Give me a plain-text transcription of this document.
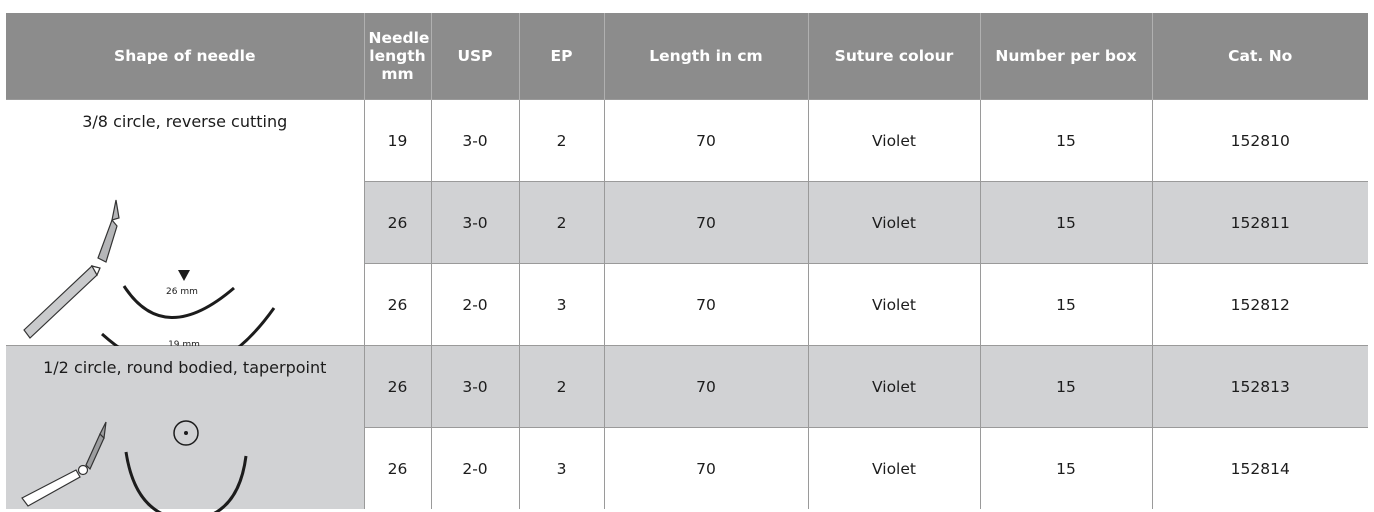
Shape of needle	Needle
length
mm	USP	EP	Length in cm	Suture colour	Number per box	Cat. No

3/8 circle, reverse cutting	19	3-0	2	70	Violet	15	152810
	26	3-0	2	70	Violet	15	152811
	26	2-0	3	70	Violet	15	152812

1/2 circle, round bodied, taperpoint	26	3-0	2	70	Violet	15	152813
	26	2-0	3	70	Violet	15	152814
26 mm
